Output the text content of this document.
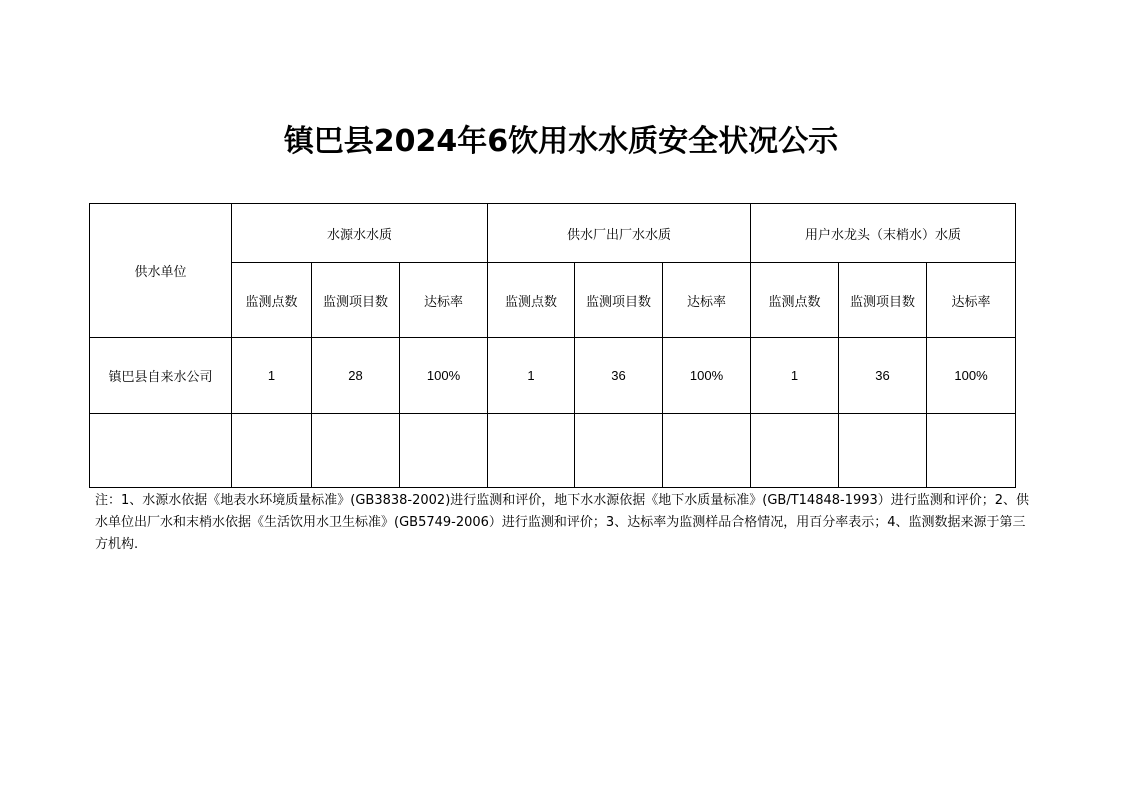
镇巴县2024年6饮用水水质安全状况公示
供水单位	水源水水质			供水厂出厂水水质			用户水龙头（末梢水）水质		
	监测点数	监测项目数	达标率	监测点数	监测项目数	达标率	监测点数	监测项目数	达标率
镇巴县自来水公司	1	28	100%	1	36	100%	1	36	100%

注：1、水源水依据《地表水环境质量标准》(GB3838-2002)进行监测和评价，地下水水源依据《地下水质量标准》(GB/T14848-1993）进行监测和评价；2、供水单位出厂水和末梢水依据《生活饮用水卫生标准》(GB5749-2006）进行监测和评价；3、达标率为监测样品合格情况，用百分率表示；4、监测数据来源于第三方机构.
